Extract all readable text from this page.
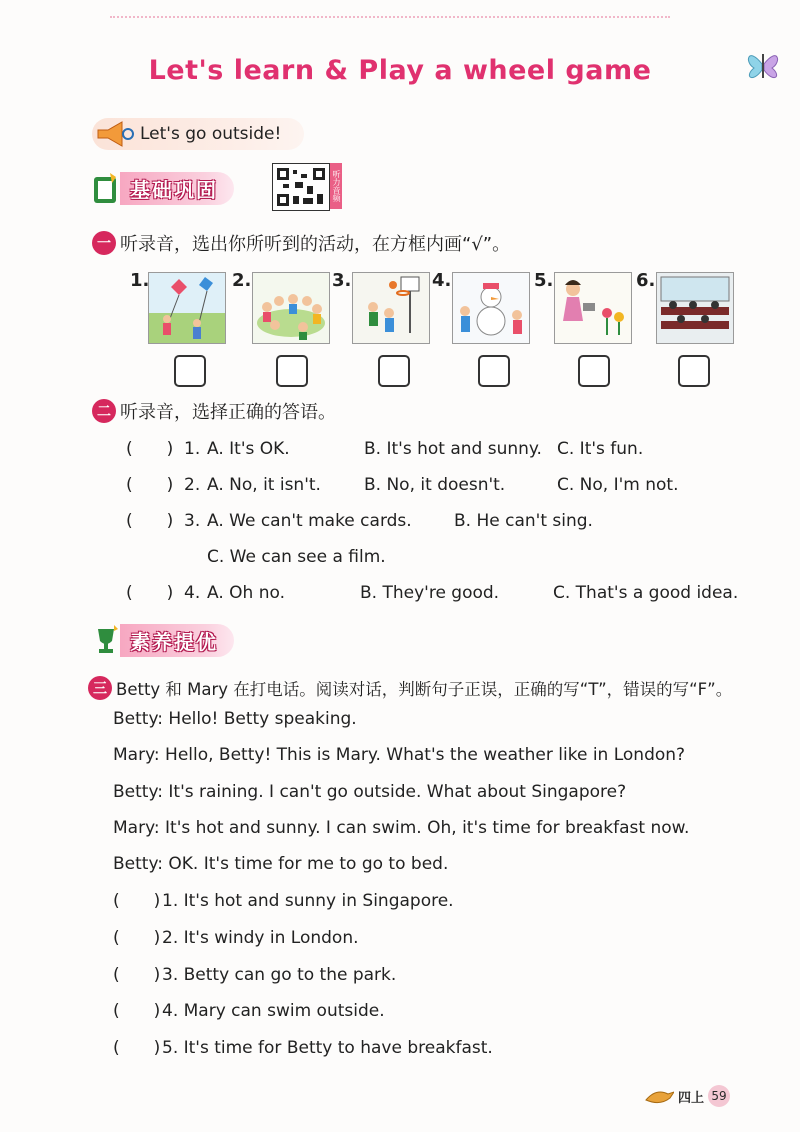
Let's learn & Play a wheel game
Let's go outside!
基础巩固	听力音频
一 听录音，选出你所听到的活动，在方框内画“√”。
1.	2.	3.	4.	5.	6.
二 听录音，选择正确的答语。
(  ) 1. A. It's OK.	B. It's hot and sunny. C. It's fun.
(  ) 2. A. No, it isn't.	B. No, it doesn't.	C. No, I'm not.
(  ) 3. A. We can't make cards. B. He can't sing.
C. We can see a film.
(  ) 4. A. Oh no.	B. They're good.	C. That's a good idea.
素养提优
三 Betty 和 Mary 在打电话。阅读对话，判断句子正误，正确的写“T”，错误的写“F”。
Betty: Hello! Betty speaking.
Mary: Hello, Betty! This is Mary. What's the weather like in London?
Betty: It's raining. I can't go outside. What about Singapore?
Mary: It's hot and sunny. I can swim. Oh, it's time for breakfast now.
Betty: OK. It's time for me to go to bed.
(  ) 1. It's hot and sunny in Singapore.
(  ) 2. It's windy in London.
(  ) 3. Betty can go to the park.
(  ) 4. Mary can swim outside.
(  ) 5. It's time for Betty to have breakfast.
四上 59
